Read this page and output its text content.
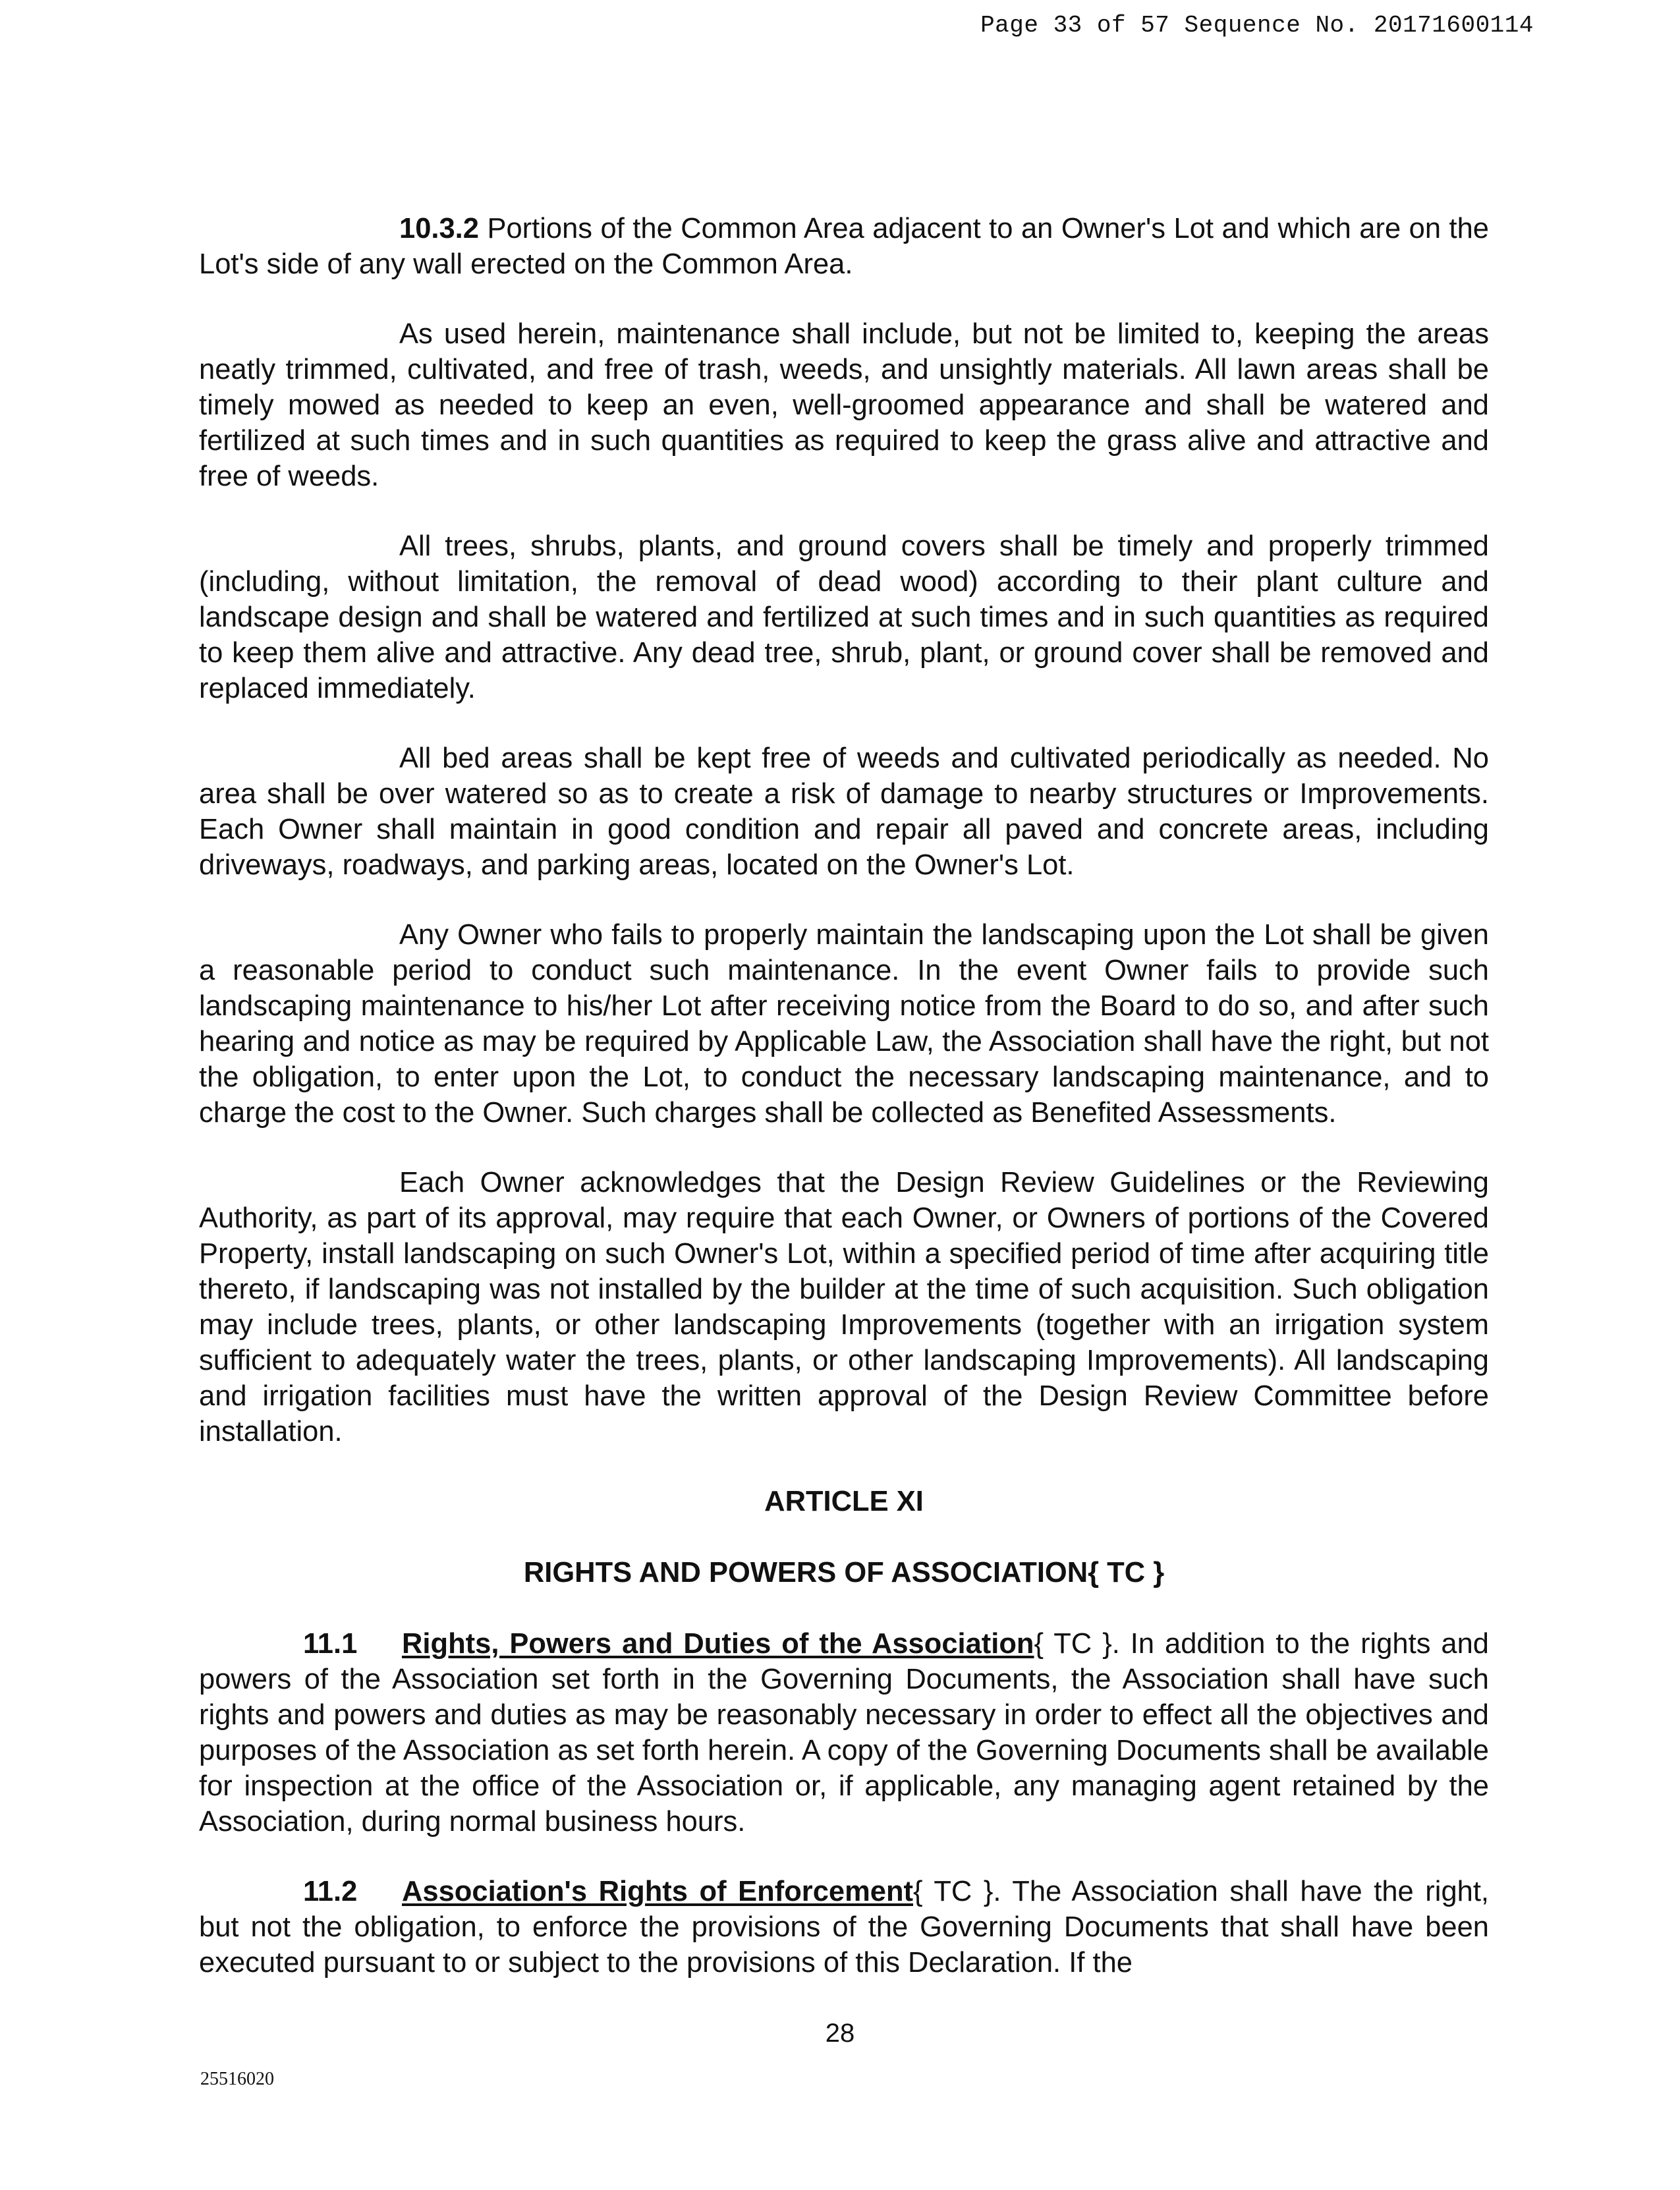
Page 33 of 57 Sequence No. 20171600114

10.3.2 Portions of the Common Area adjacent to an Owner's Lot and which are on the Lot's side of any wall erected on the Common Area.

As used herein, maintenance shall include, but not be limited to, keeping the areas neatly trimmed, cultivated, and free of trash, weeds, and unsightly materials. All lawn areas shall be timely mowed as needed to keep an even, well-groomed appearance and shall be watered and fertilized at such times and in such quantities as required to keep the grass alive and attractive and free of weeds.

All trees, shrubs, plants, and ground covers shall be timely and properly trimmed (including, without limitation, the removal of dead wood) according to their plant culture and landscape design and shall be watered and fertilized at such times and in such quantities as required to keep them alive and attractive. Any dead tree, shrub, plant, or ground cover shall be removed and replaced immediately.

All bed areas shall be kept free of weeds and cultivated periodically as needed. No area shall be over watered so as to create a risk of damage to nearby structures or Improvements. Each Owner shall maintain in good condition and repair all paved and concrete areas, including driveways, roadways, and parking areas, located on the Owner's Lot.

Any Owner who fails to properly maintain the landscaping upon the Lot shall be given a reasonable period to conduct such maintenance. In the event Owner fails to provide such landscaping maintenance to his/her Lot after receiving notice from the Board to do so, and after such hearing and notice as may be required by Applicable Law, the Association shall have the right, but not the obligation, to enter upon the Lot, to conduct the necessary landscaping maintenance, and to charge the cost to the Owner. Such charges shall be collected as Benefited Assessments.

Each Owner acknowledges that the Design Review Guidelines or the Reviewing Authority, as part of its approval, may require that each Owner, or Owners of portions of the Covered Property, install landscaping on such Owner's Lot, within a specified period of time after acquiring title thereto, if landscaping was not installed by the builder at the time of such acquisition. Such obligation may include trees, plants, or other landscaping Improvements (together with an irrigation system sufficient to adequately water the trees, plants, or other landscaping Improvements). All landscaping and irrigation facilities must have the written approval of the Design Review Committee before installation.

ARTICLE XI
RIGHTS AND POWERS OF ASSOCIATION{ TC }

11.1 Rights, Powers and Duties of the Association{ TC }. In addition to the rights and powers of the Association set forth in the Governing Documents, the Association shall have such rights and powers and duties as may be reasonably necessary in order to effect all the objectives and purposes of the Association as set forth herein. A copy of the Governing Documents shall be available for inspection at the office of the Association or, if applicable, any managing agent retained by the Association, during normal business hours.

11.2 Association's Rights of Enforcement{ TC }. The Association shall have the right, but not the obligation, to enforce the provisions of the Governing Documents that shall have been executed pursuant to or subject to the provisions of this Declaration. If the

28
25516020
